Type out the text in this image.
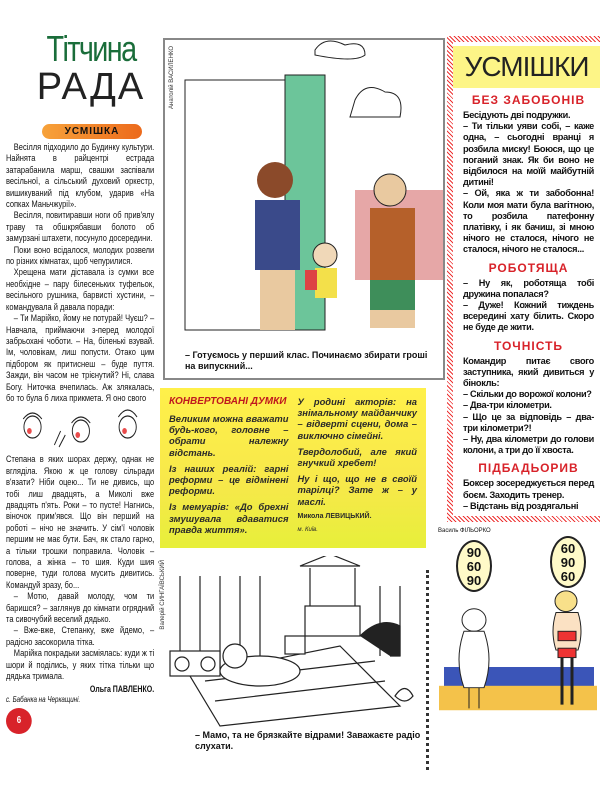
Тітчина
РАДА
УСМІШКА

Весілля підходило до Будинку культури. Найнята в райцентрі естрада затарабанила марш, свашки заспівали весільної, а сільський духовий оркестр, вишикуваний під клубом, ударив «На сопках Маньчжурії».

Весілля, повитиравши ноги об прив'ялу траву та обшкрябавши болото об замурзані штахети, посунуло досередини.

Поки воно всідалося, молодих розвели по різних кімнатах, щоб чепурилися.

Хрещена мати діставала із сумки все необхідне – пару білесеньких туфельок, весільного рушника, барвисті хустини, – командувала й давала поради:

– Ти Марійко, йому не потурай! Чуєш? – Навчала, приймаючи з-перед молодої забрьохані чоботи. – На, біленькі взувай. Ім, чоловікам, лиш попусти. Отако цим підбором як притиснеш – буде пуття. Зажди, він часом не трієнутий? Ні, слава Богу. Ниточка вчепилась. Аж злякалась, бо то була б лиха прикмета. Я оно свого

Степана в яких шорах держу, однак не вгляділа. Якою ж це голову сільради в'язати? Ніби оцею... Ти не дивись, що тобі лиш двадцять, а Миколі вже двадцять п'ять. Роки – то пусте! Нагнись, віночок прим'явся. Що він перший на роботі – нічо не значить. У сім'ї чоловік першим не має бути. Бач, як стало гарно, а тільки трошки поправила. Чоловік – голова, а жінка – то шия. Куди шия поверне, туди голова мусить дивитись. Командуй зразу, бо...

– Мотю, давай молоду, чом ти баришся? – заглянув до кімнати огрядний та сивочубий веселий дядько.

– Вже-вже, Степанку, вже йдемо, – радісно засокорила тітка.

Марійка покрадьки засміялась: куди ж ті шори й поділись, у яких тітка тільки що дядька тримала.

Ольга ПАВЛЕНКО.
с. Бабанка на Черкащині.
6
Анатолій ВАСИЛЕНКО
– Готуємось у перший клас. Починаємо збирати гроші на випускний...
КОНВЕРТОВАНІ ДУМКИ

Великим можна вважати будь-кого, головне – обрати належну відстань.

Із наших реалій: гарні реформи – це відмінені реформи.

Із мемуарів: «До брехні змушувала вдаватися правда життя».

У родині акторів: на знімальному майданчику – відверті сцени, дома – виключно сімейні.

Твердолобий, але який гнучкий хребет!

Ну і що, що не в своїй тарілці? Зате ж – у маслі.

Микола ЛЕВИЦЬКИЙ.

м. Київ.

Валерій СИНГАЇВСЬКИЙ
– Мамо, та не брязкайте відрами! Заважаєте радіо слухати.
УСМІШКИ
БЕЗ ЗАБОБОНІВ

Бесідують дві подружки.

– Ти тільки уяви собі, – каже одна, – сьогодні вранці я розбила миску! Боюся, що це поганий знак. Як би воно не відбилося на моїй майбутній дитині!

– Ой, яка ж ти забобонна! Коли моя мати була вагітною, то розбила патефонну платівку, і як бачиш, зі мною нічого не сталося, нічого не сталося, нічого не сталося...

РОБОТЯЩА

– Ну як, роботяща тобі дружина попалася?

– Дуже! Кожний тиждень всередині хату білить. Скоро не буде де жити.

ТОЧНІСТЬ

Командир питає свого заступника, який дивиться у бінокль:

– Скільки до ворожої колони?

– Два-три кілометри.

– Що це за відповідь – два-три кілометри?!

– Ну, два кілометри до голови колони, а три до її хвоста.

ПІДБАДЬОРИВ

Боксер зосереджується перед боєм. Заходить тренер.

– Відстань від роздягальні

Василь ФІЛЬОРКО
90
60
90
60
90
60
